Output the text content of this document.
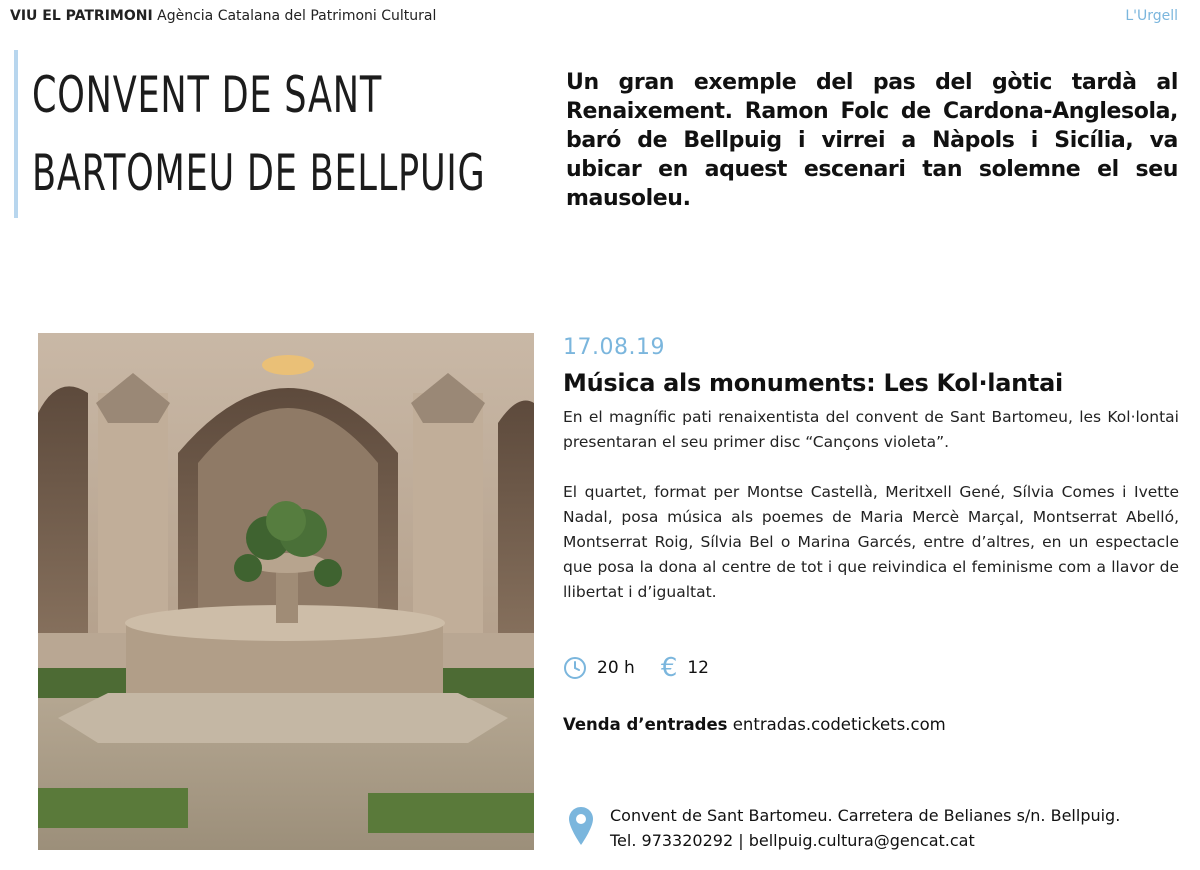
VIU EL PATRIMONI Agència Catalana del Patrimoni Cultural	L'Urgell
CONVENT DE SANT
BARTOMEU DE BELLPUIG
Un gran exemple del pas del gòtic tardà al Renaixement. Ramon Folc de Cardona-Anglesola, baró de Bellpuig i virrei a Nàpols i Sicília, va ubicar en aquest escenari tan solemne el seu mausoleu.
17.08.19
Música als monuments: Les Kol·lantai

En el magnífic pati renaixentista del convent de Sant Bartomeu, les Kol·lontai presentaran el seu primer disc “Cançons violeta”.

El quartet, format per Montse Castellà, Meritxell Gené, Sílvia Comes i Ivette Nadal, posa música als poemes de Maria Mercè Marçal, Montserrat Abelló, Montserrat Roig, Sílvia Bel o Marina Garcés, entre d’altres, en un espectacle que posa la dona al centre de tot i que reivindica el feminisme com a llavor de llibertat i d’igualtat.

20 h € 12
Venda d’entrades entradas.codetickets.com
Convent de Sant Bartomeu. Carretera de Belianes s/n. Bellpuig.
Tel. 973320292 | bellpuig.cultura@gencat.cat
